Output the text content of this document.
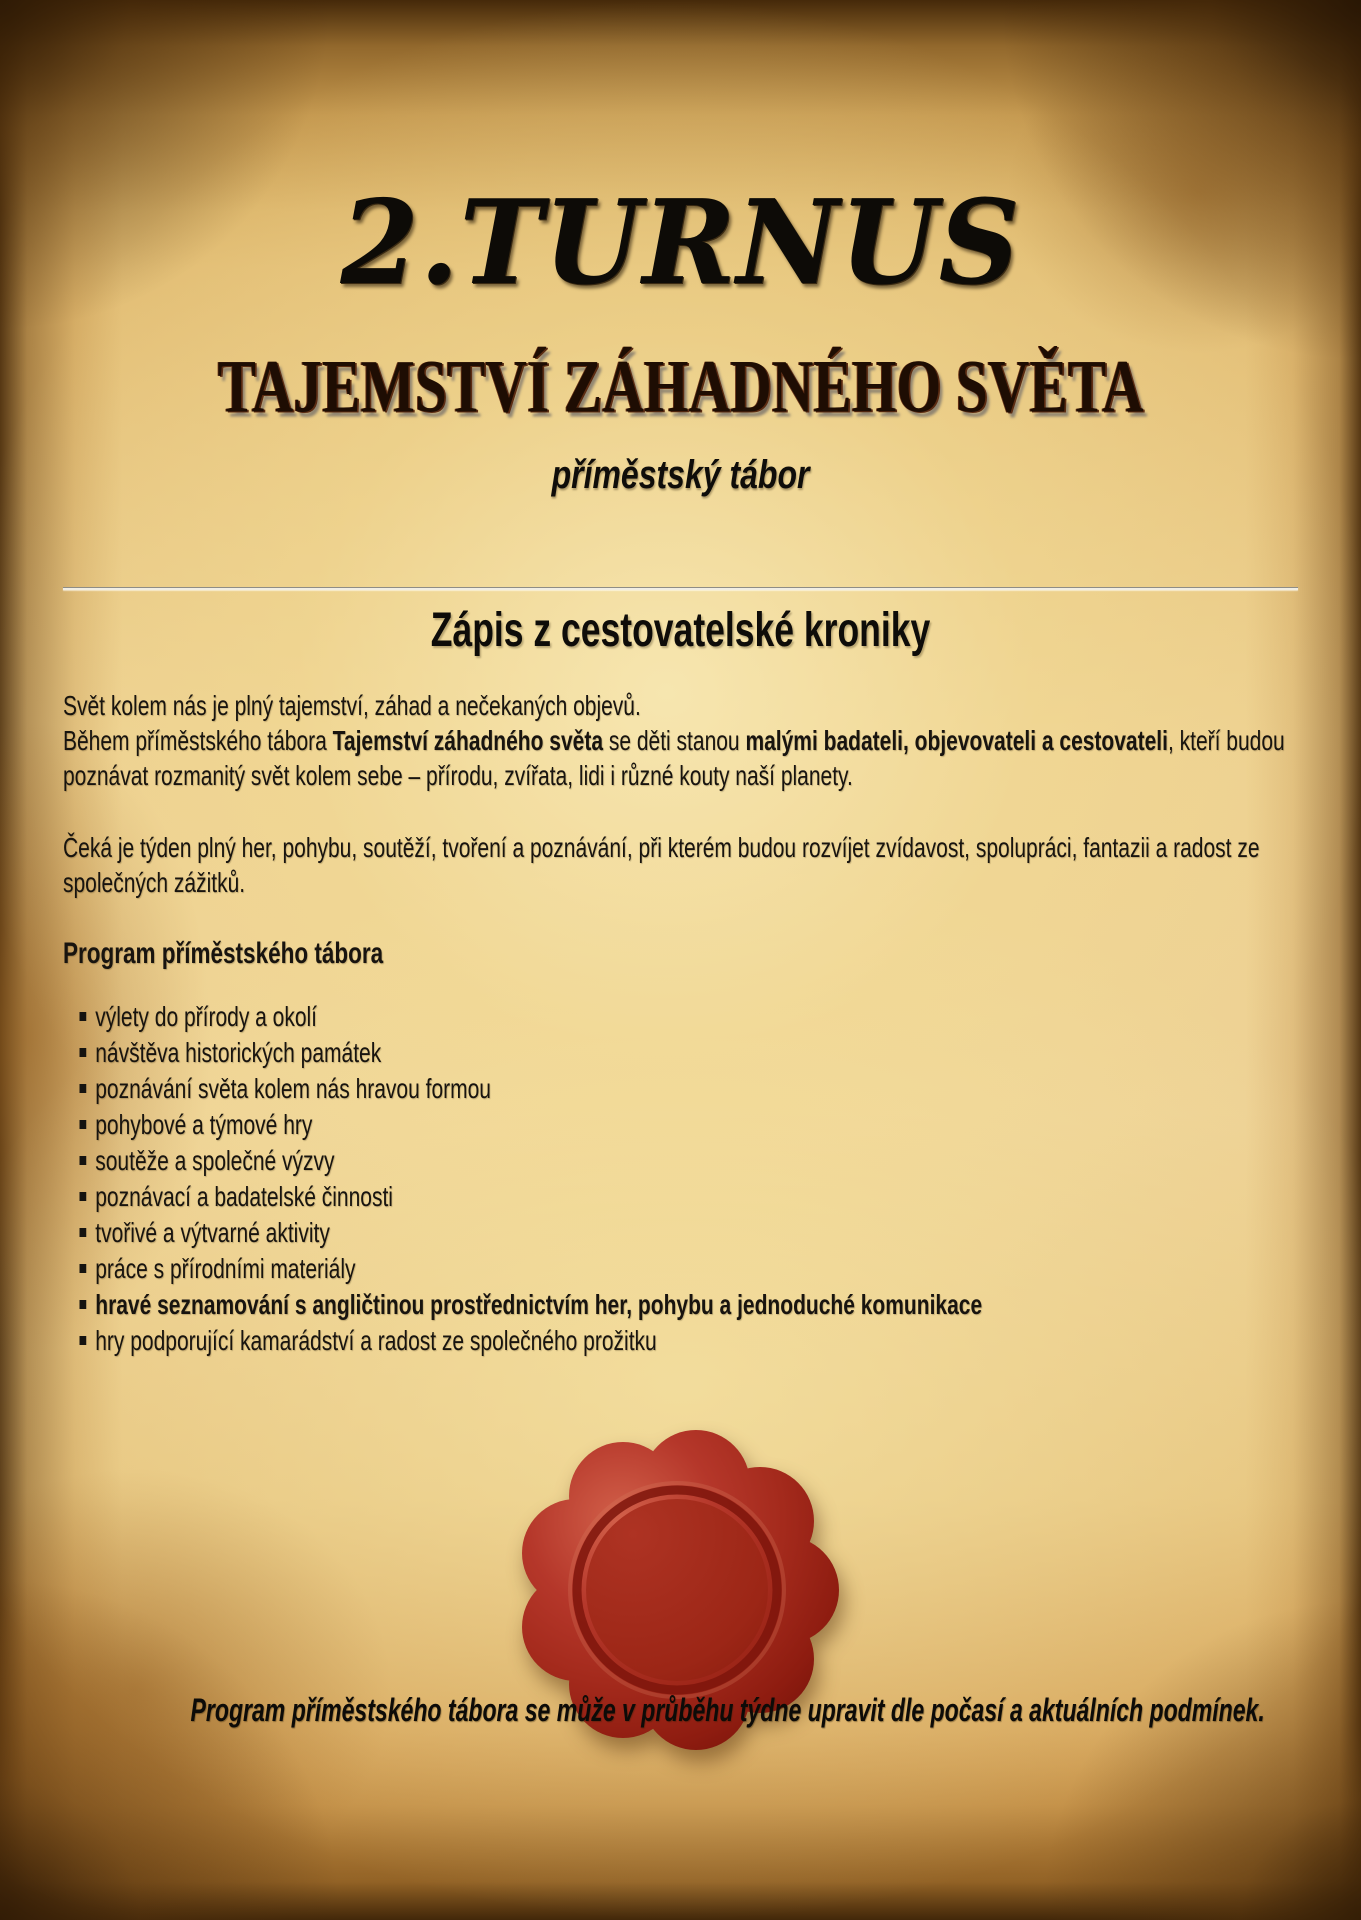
2.TURNUS
TAJEMSTVÍ ZÁHADNÉHO SVĚTA
příměstský tábor
Zápis z cestovatelské kroniky

Svět kolem nás je plný tajemství, záhad a nečekaných objevů.
Během příměstského tábora Tajemství záhadného světa se děti stanou malými badateli, objevovateli a cestovateli, kteří budou
poznávat rozmanitý svět kolem sebe – přírodu, zvířata, lidi i různé kouty naší planety.

Čeká je týden plný her, pohybu, soutěží, tvoření a poznávání, při kterém budou rozvíjet zvídavost, spolupráci, fantazii a radost ze
společných zážitků.

Program příměstského tábora

výlety do přírody a okolí
návštěva historických památek
poznávání světa kolem nás hravou formou
pohybové a týmové hry
soutěže a společné výzvy
poznávací a badatelské činnosti
tvořivé a výtvarné aktivity
práce s přírodními materiály
hravé seznamování s angličtinou prostřednictvím her, pohybu a jednoduché komunikace
hry podporující kamarádství a radost ze společného prožitku
Program příměstského tábora se může v průběhu týdne upravit dle počasí a aktuálních podmínek.
